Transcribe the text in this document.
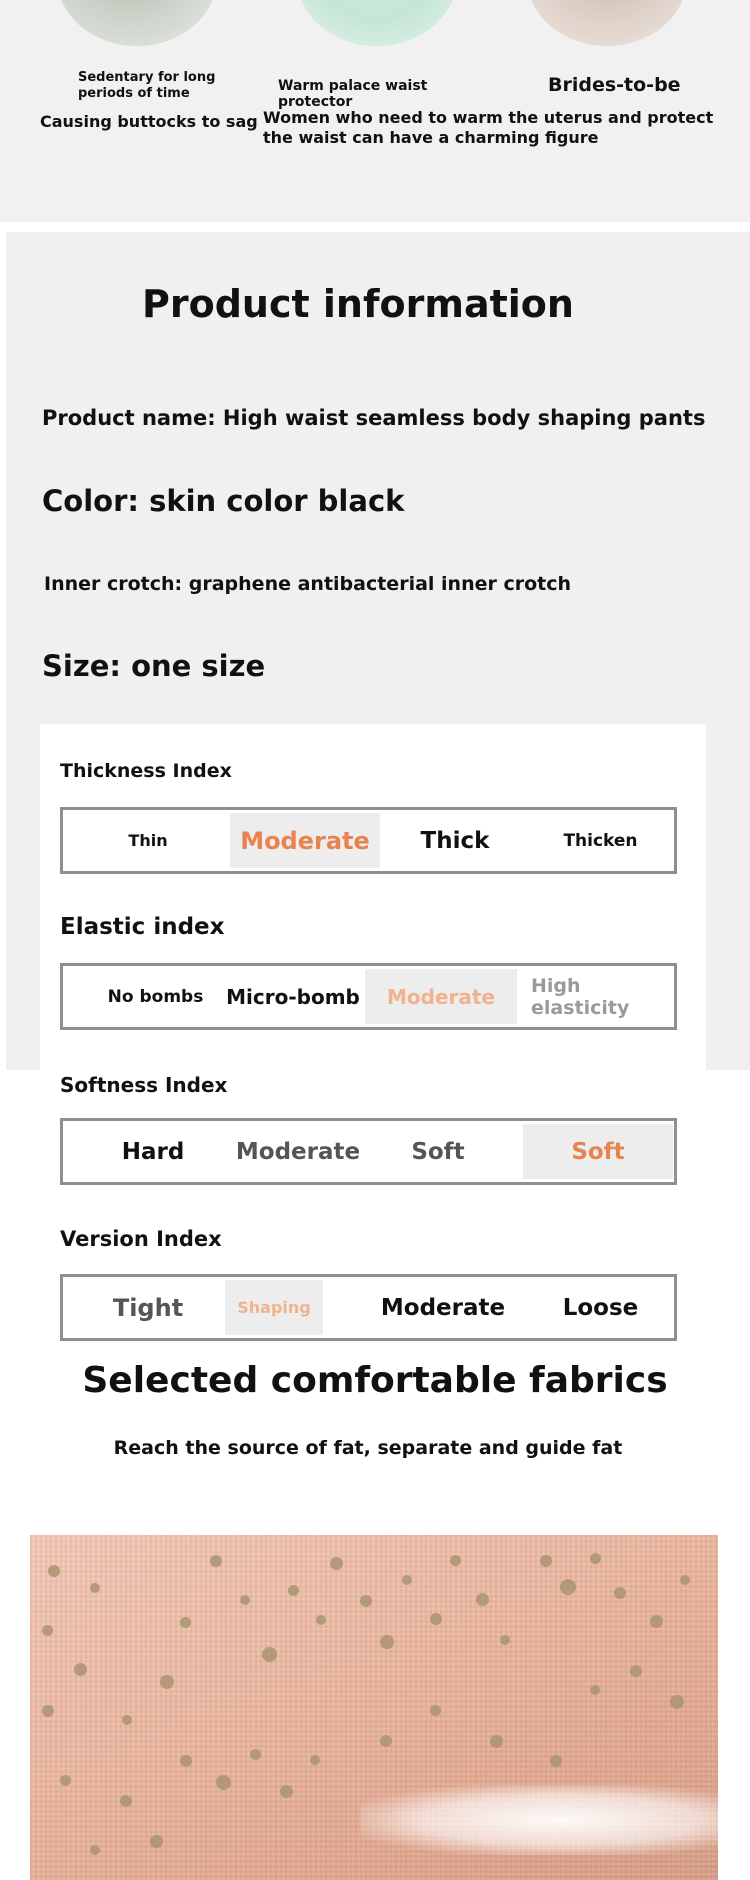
Sedentary for long periods of time
Causing buttocks to sag
Warm palace waist protector
Brides-to-be
Women who need to warm the uterus and protect the waist can have a charming figure
Product information
Product name: High waist seamless body shaping pants
Color: skin color black
Inner crotch: graphene antibacterial inner crotch
Size: one size
Thickness Index
Thin	Moderate	Thick	Thicken
Elastic index
No bombs	Micro-bomb	Moderate	High elasticity
Softness Index
Hard	Moderate	Soft	Soft
Version Index
Tight	Shaping	Moderate	Loose
Selected comfortable fabrics
Reach the source of fat, separate and guide fat
